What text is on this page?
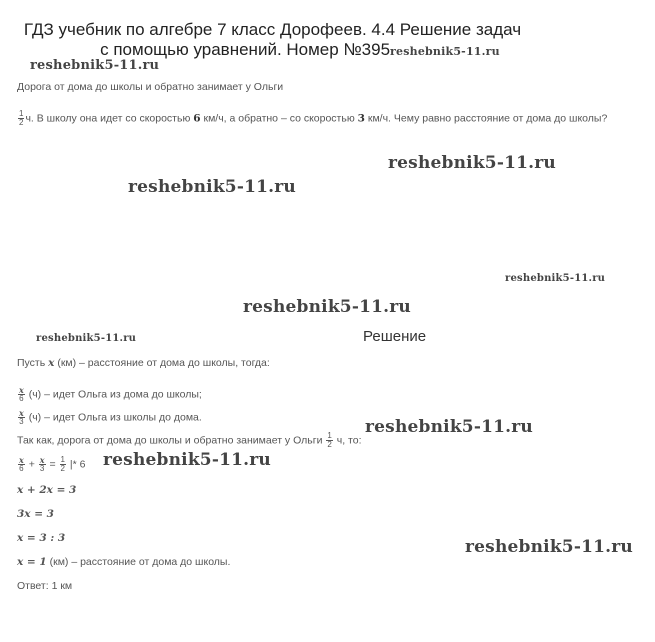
ГДЗ учебник по алгебре 7 класс Дорофеев. 4.4 Решение задач
с помощью уравнений. Номер №395reshebnik5-11.ru
reshebnik5-11.ru
reshebnik5-11.ru
reshebnik5-11.ru
reshebnik5-11.ru
reshebnik5-11.ru
reshebnik5-11.ru
reshebnik5-11.ru
reshebnik5-11.ru
reshebnik5-11.ru
Дорога от дома до школы и обратно занимает у Ольги
$\frac{1}{2} ч$. В школу она идет со скоростью 6 км/ч, а обратно – со скоростью 3 км/ч. Чему равно расстояние от дома до школы?
Решение
Пусть x (км) – расстояние от дома до школы, тогда:
$\frac{x}{6} (ч)$ – идет Ольга из дома до школы;
$\frac{x}{3} (ч)$ – идет Ольга из школы до дома.
Так как, дорога от дома до школы и обратно занимает у Ольги $\frac{1}{2} ч$, то:
$\frac{x}{6} + \frac{x}{3} = \frac{1}{2}$ |* 6
x + 2x = 3
3x = 3
x = 3 : 3
x = 1 (км) – расстояние от дома до школы.
Ответ: 1 км
